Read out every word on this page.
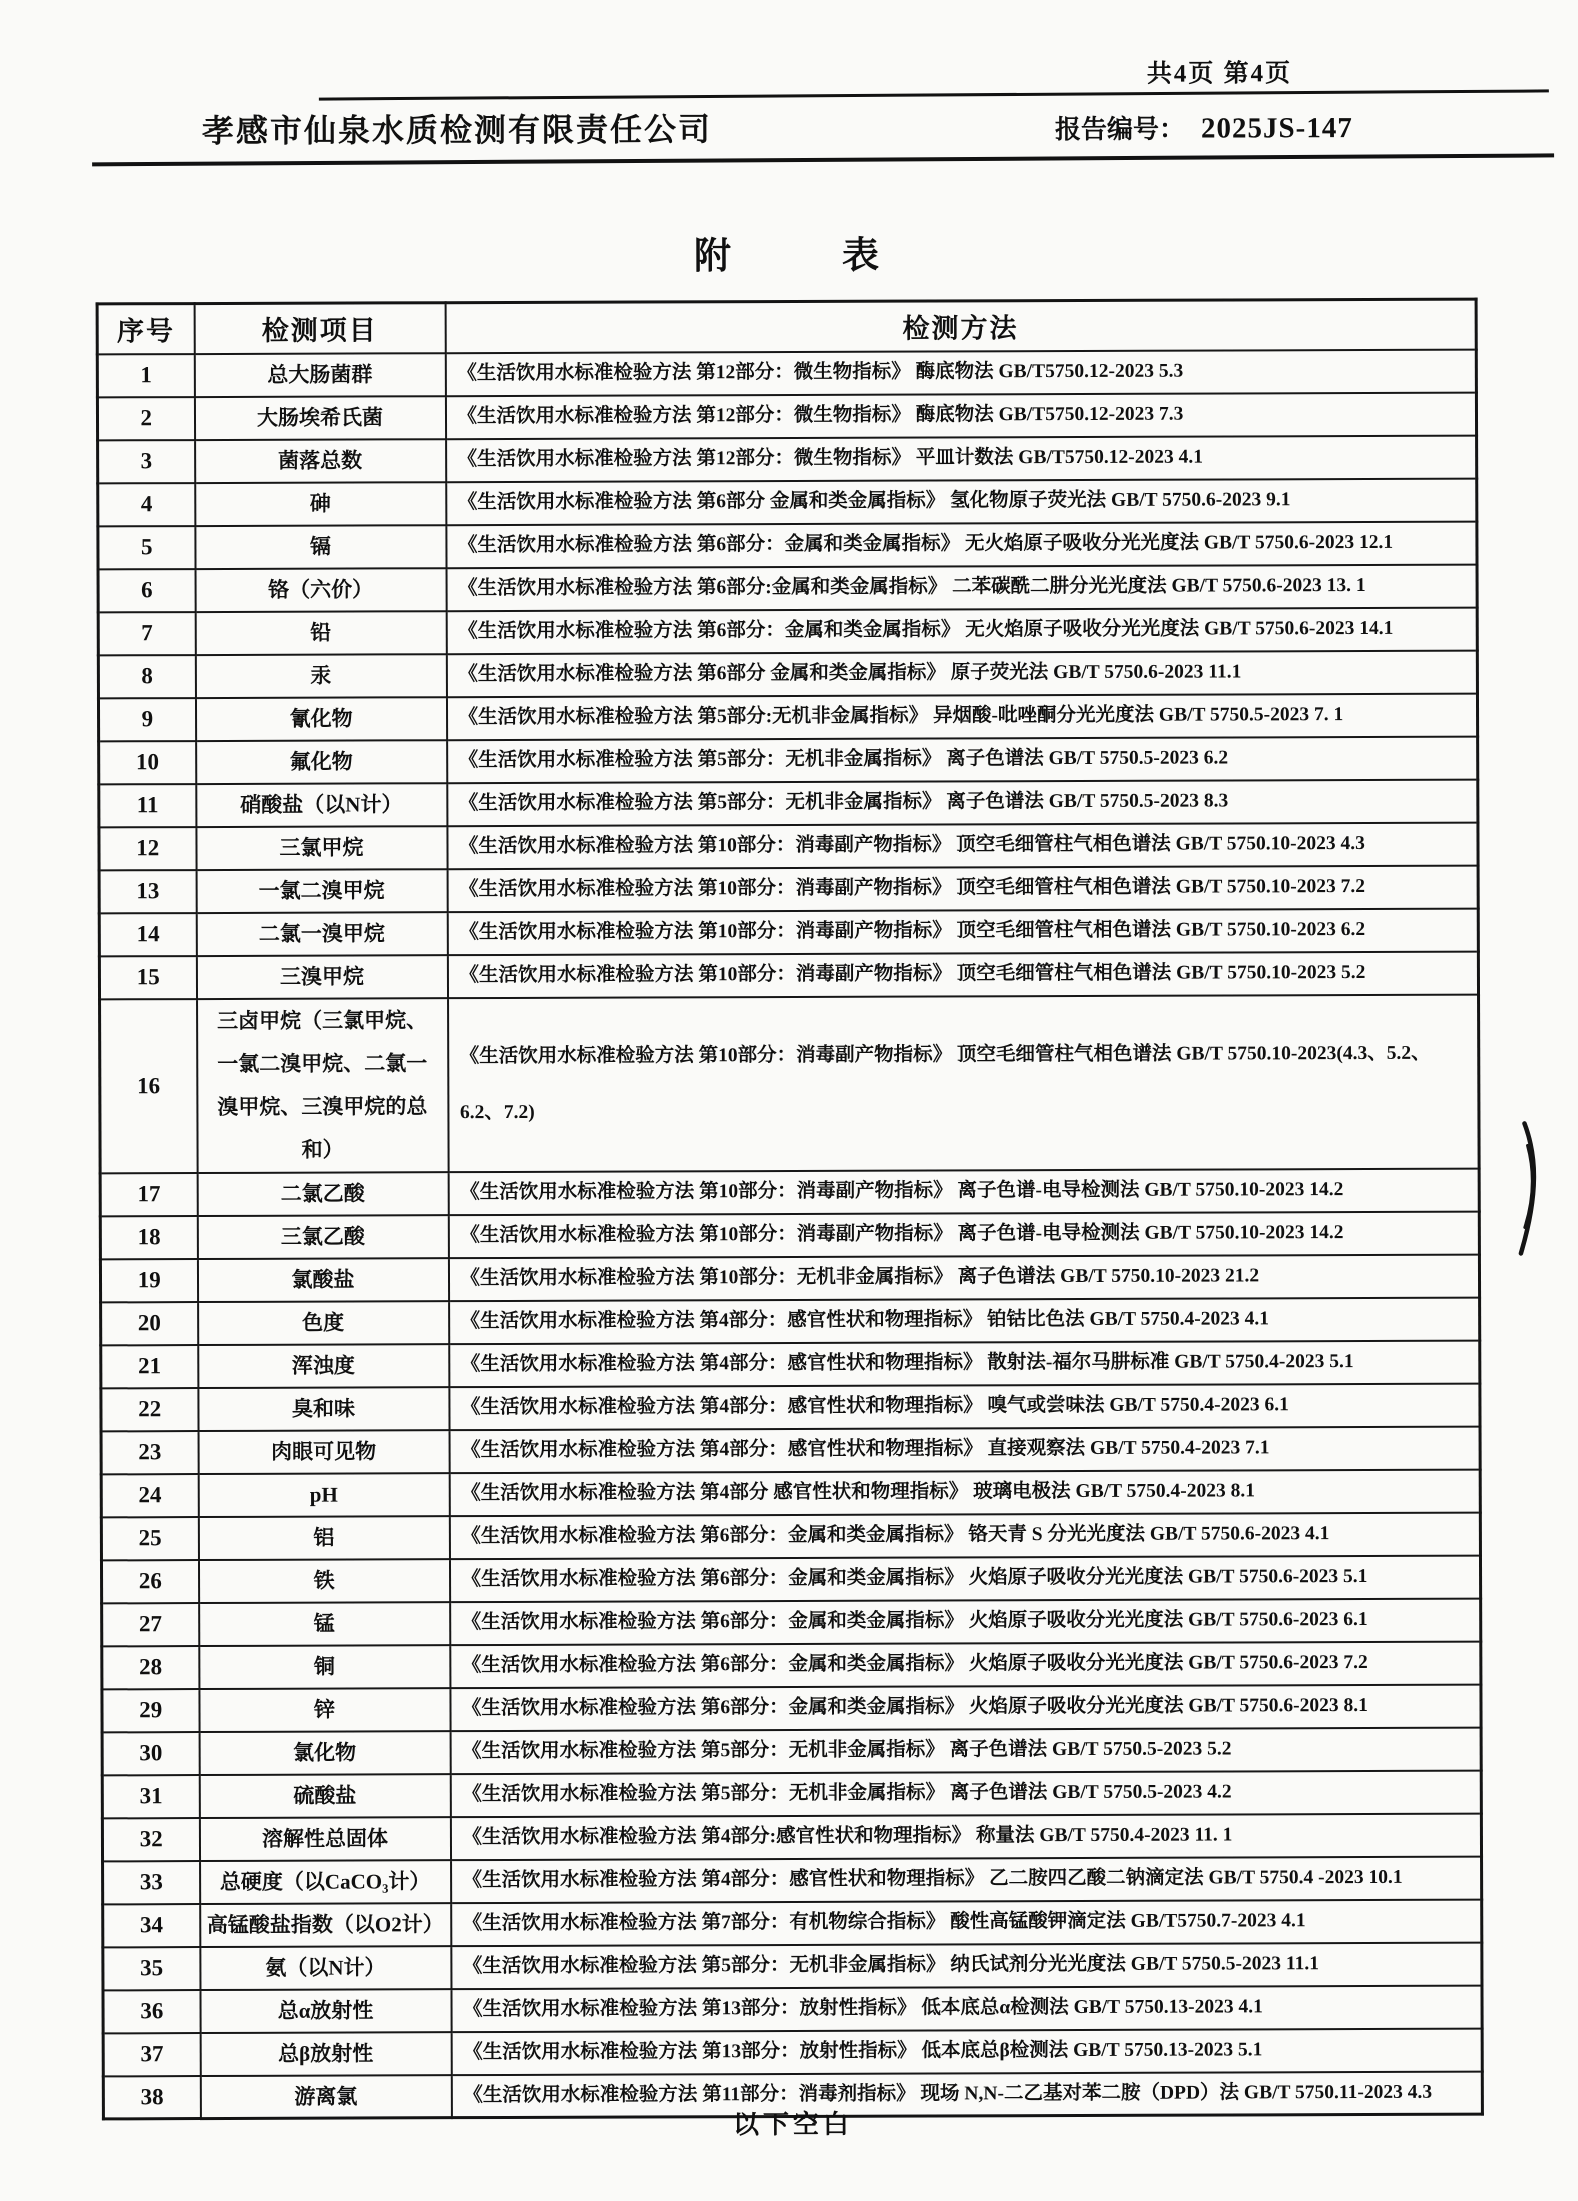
共4页 第4页
孝感市仙泉水质检测有限责任公司	报告编号： 2025JS-147
附　　　表
序号	检测项目	检测方法
1	总大肠菌群	《生活饮用水标准检验方法 第12部分：微生物指标》 酶底物法 GB/T5750.12-2023 5.3
2	大肠埃希氏菌	《生活饮用水标准检验方法 第12部分：微生物指标》 酶底物法 GB/T5750.12-2023 7.3
3	菌落总数	《生活饮用水标准检验方法 第12部分：微生物指标》 平皿计数法 GB/T5750.12-2023 4.1
4	砷	《生活饮用水标准检验方法 第6部分 金属和类金属指标》 氢化物原子荧光法 GB/T 5750.6-2023 9.1
5	镉	《生活饮用水标准检验方法 第6部分：金属和类金属指标》 无火焰原子吸收分光光度法 GB/T 5750.6-2023 12.1
6	铬（六价）	《生活饮用水标准检验方法 第6部分:金属和类金属指标》 二苯碳酰二肼分光光度法 GB/T 5750.6-2023 13. 1
7	铅	《生活饮用水标准检验方法 第6部分：金属和类金属指标》 无火焰原子吸收分光光度法 GB/T 5750.6-2023 14.1
8	汞	《生活饮用水标准检验方法 第6部分 金属和类金属指标》 原子荧光法 GB/T 5750.6-2023 11.1
9	氰化物	《生活饮用水标准检验方法 第5部分:无机非金属指标》 异烟酸-吡唑酮分光光度法 GB/T 5750.5-2023 7. 1
10	氟化物	《生活饮用水标准检验方法 第5部分：无机非金属指标》 离子色谱法 GB/T 5750.5-2023 6.2
11	硝酸盐（以N计）	《生活饮用水标准检验方法 第5部分：无机非金属指标》 离子色谱法 GB/T 5750.5-2023 8.3
12	三氯甲烷	《生活饮用水标准检验方法 第10部分：消毒副产物指标》 顶空毛细管柱气相色谱法 GB/T 5750.10-2023 4.3
13	一氯二溴甲烷	《生活饮用水标准检验方法 第10部分：消毒副产物指标》 顶空毛细管柱气相色谱法 GB/T 5750.10-2023 7.2
14	二氯一溴甲烷	《生活饮用水标准检验方法 第10部分：消毒副产物指标》 顶空毛细管柱气相色谱法 GB/T 5750.10-2023 6.2
15	三溴甲烷	《生活饮用水标准检验方法 第10部分：消毒副产物指标》 顶空毛细管柱气相色谱法 GB/T 5750.10-2023 5.2
16	三卤甲烷（三氯甲烷、一氯二溴甲烷、二氯一溴甲烷、三溴甲烷的总和）	《生活饮用水标准检验方法 第10部分：消毒副产物指标》 顶空毛细管柱气相色谱法 GB/T 5750.10-2023(4.3、5.2、6.2、7.2)
17	二氯乙酸	《生活饮用水标准检验方法 第10部分：消毒副产物指标》 离子色谱-电导检测法 GB/T 5750.10-2023 14.2
18	三氯乙酸	《生活饮用水标准检验方法 第10部分：消毒副产物指标》 离子色谱-电导检测法 GB/T 5750.10-2023 14.2
19	氯酸盐	《生活饮用水标准检验方法 第10部分：无机非金属指标》 离子色谱法 GB/T 5750.10-2023 21.2
20	色度	《生活饮用水标准检验方法 第4部分：感官性状和物理指标》 铂钴比色法 GB/T 5750.4-2023 4.1
21	浑浊度	《生活饮用水标准检验方法 第4部分：感官性状和物理指标》 散射法-福尔马肼标准 GB/T 5750.4-2023 5.1
22	臭和味	《生活饮用水标准检验方法 第4部分：感官性状和物理指标》 嗅气或尝味法 GB/T 5750.4-2023 6.1
23	肉眼可见物	《生活饮用水标准检验方法 第4部分：感官性状和物理指标》 直接观察法 GB/T 5750.4-2023 7.1
24	pH	《生活饮用水标准检验方法 第4部分 感官性状和物理指标》 玻璃电极法 GB/T 5750.4-2023 8.1
25	铝	《生活饮用水标准检验方法 第6部分：金属和类金属指标》 铬天青 S 分光光度法 GB/T 5750.6-2023 4.1
26	铁	《生活饮用水标准检验方法 第6部分：金属和类金属指标》 火焰原子吸收分光光度法 GB/T 5750.6-2023 5.1
27	锰	《生活饮用水标准检验方法 第6部分：金属和类金属指标》 火焰原子吸收分光光度法 GB/T 5750.6-2023 6.1
28	铜	《生活饮用水标准检验方法 第6部分：金属和类金属指标》 火焰原子吸收分光光度法 GB/T 5750.6-2023 7.2
29	锌	《生活饮用水标准检验方法 第6部分：金属和类金属指标》 火焰原子吸收分光光度法 GB/T 5750.6-2023 8.1
30	氯化物	《生活饮用水标准检验方法 第5部分：无机非金属指标》 离子色谱法 GB/T 5750.5-2023 5.2
31	硫酸盐	《生活饮用水标准检验方法 第5部分：无机非金属指标》 离子色谱法 GB/T 5750.5-2023 4.2
32	溶解性总固体	《生活饮用水标准检验方法 第4部分:感官性状和物理指标》 称量法 GB/T 5750.4-2023 11. 1
33	总硬度（以CaCO₃计）	《生活饮用水标准检验方法 第4部分：感官性状和物理指标》 乙二胺四乙酸二钠滴定法 GB/T 5750.4 -2023 10.1
34	高锰酸盐指数（以O2计）	《生活饮用水标准检验方法 第7部分：有机物综合指标》 酸性高锰酸钾滴定法 GB/T5750.7-2023 4.1
35	氨（以N计）	《生活饮用水标准检验方法 第5部分：无机非金属指标》 纳氏试剂分光光度法 GB/T 5750.5-2023 11.1
36	总α放射性	《生活饮用水标准检验方法 第13部分：放射性指标》 低本底总α检测法 GB/T 5750.13-2023 4.1
37	总β放射性	《生活饮用水标准检验方法 第13部分：放射性指标》 低本底总β检测法 GB/T 5750.13-2023 5.1
38	游离氯	《生活饮用水标准检验方法 第11部分：消毒剂指标》 现场 N,N-二乙基对苯二胺（DPD）法 GB/T 5750.11-2023 4.3
以下空白
